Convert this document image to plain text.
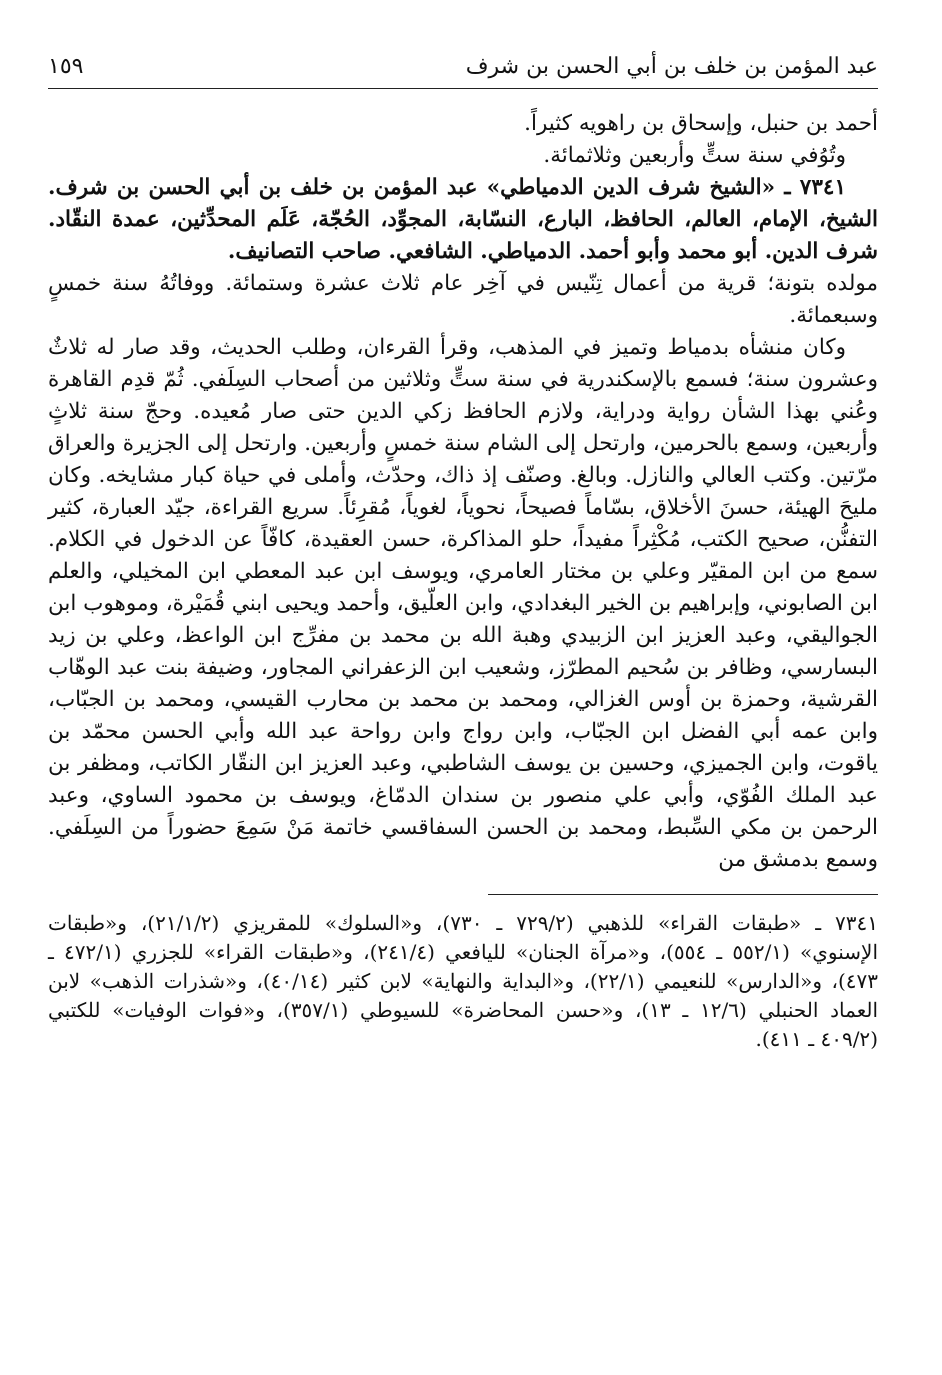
عبد المؤمن بن خلف بن أبي الحسن بن شرف
١٥٩

أحمد بن حنبل، وإسحاق بن راهويه كثيراً.

وتُوُفي سنة ستٍّ وأربعين وثلاثمائة.

٧٣٤١ ـ «الشيخ شرف الدين الدمياطي» عبد المؤمن بن خلف بن أبي الحسن بن شرف. الشيخ، الإمام، العالم، الحافظ، البارع، النسّابة، المجوِّد، الحُجّة، عَلَم المحدِّثين، عمدة النقّاد. شرف الدين. أبو محمد وأبو أحمد. الدمياطي. الشافعي. صاحب التصانيف.

مولده بتونة؛ قرية من أعمال تِنّيس في آخِر عام ثلاث عشرة وستمائة. ووفاتُهُ سنة خمسٍ وسبعمائة.

وكان منشأه بدمياط وتميز في المذهب، وقرأ القرءان، وطلب الحديث، وقد صار له ثلاثٌ وعشرون سنة؛ فسمع بالإسكندرية في سنة ستٍّ وثلاثين من أصحاب السِلَفي. ثُمّ قدِم القاهرة وعُني بهذا الشأن رواية ودراية، ولازم الحافظ زكي الدين حتى صار مُعيده. وحجّ سنة ثلاثٍ وأربعين، وسمع بالحرمين، وارتحل إلى الشام سنة خمسٍ وأربعين. وارتحل إلى الجزيرة والعراق مرّتين. وكتب العالي والنازل. وبالغ. وصنّف إذ ذاك، وحدّث، وأملى في حياة كبار مشايخه. وكان مليحَ الهيئة، حسنَ الأخلاق، بسّاماً فصيحاً، نحوياً، لغوياً، مُقرِئاً. سريع القراءة، جيّد العبارة، كثير التفنُّن، صحيح الكتب، مُكْثِراً مفيداً، حلو المذاكرة، حسن العقيدة، كافّاً عن الدخول في الكلام. سمع من ابن المقيّر وعلي بن مختار العامري، ويوسف ابن عبد المعطي ابن المخيلي، والعلم ابن الصابوني، وإبراهيم بن الخير البغدادي، وابن العلّيق، وأحمد ويحيى ابني قُمَيْرة، وموهوب ابن الجواليقي، وعبد العزيز ابن الزبيدي وهبة الله بن محمد بن مفرِّج ابن الواعظ، وعلي بن زيد البسارسي، وظافر بن سُحيم المطرّز، وشعيب ابن الزعفراني المجاور، وضيفة بنت عبد الوهّاب القرشية، وحمزة بن أوس الغزالي، ومحمد بن محمد بن محارب القيسي، ومحمد بن الجبّاب، وابن عمه أبي الفضل ابن الجبّاب، وابن رواج وابن رواحة عبد الله وأبي الحسن محمّد بن ياقوت، وابن الجميزي، وحسين بن يوسف الشاطبي، وعبد العزيز ابن النقّار الكاتب، ومظفر بن عبد الملك الفُوّي، وأبي علي منصور بن سندان الدمّاغ، ويوسف بن محمود الساوي، وعبد الرحمن بن مكي السِّبط، ومحمد بن الحسن السفاقسي خاتمة مَنْ سَمِعَ حضوراً من السِلَفي. وسمع بدمشق من

٧٣٤١ ـ «طبقات القراء» للذهبي (٧٢٩/٢ ـ ٧٣٠)، و«السلوك» للمقريزي (٢١/١/٢)، و«طبقات الإسنوي» (٥٥٢/١ ـ ٥٥٤)، و«مرآة الجنان» لليافعي (٢٤١/٤)، و«طبقات القراء» للجزري (٤٧٢/١ ـ ٤٧٣)، و«الدارس» للنعيمي (٢٢/١)، و«البداية والنهاية» لابن كثير (٤٠/١٤)، و«شذرات الذهب» لابن العماد الحنبلي (١٢/٦ ـ ١٣)، و«حسن المحاضرة» للسيوطي (٣٥٧/١)، و«فوات الوفيات» للكتبي (٤٠٩/٢ ـ ٤١١).
